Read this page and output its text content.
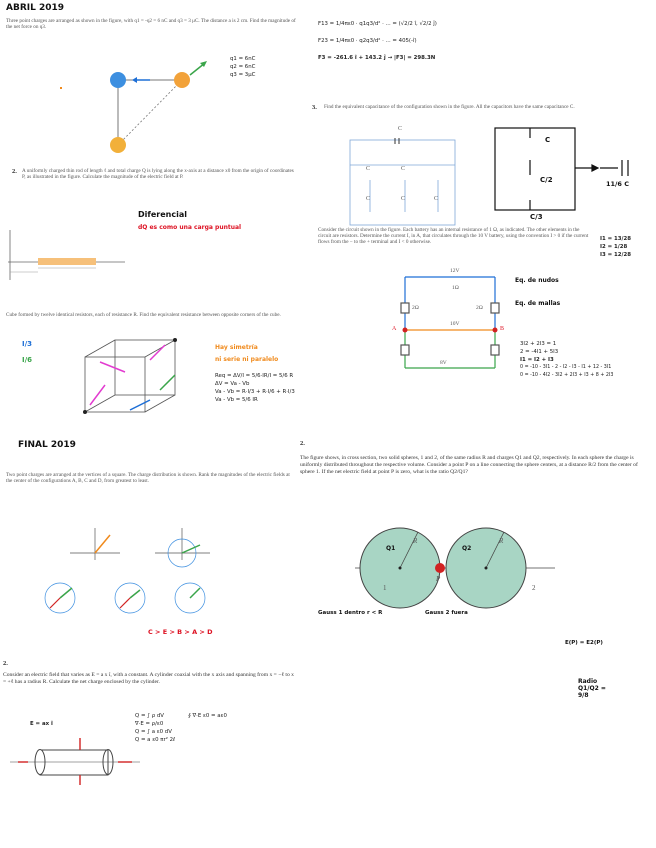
ABRIL 2019
Three point charges are arranged as shown in the figure, with q1 = -q2 = 6 nC and q3 = 3 μC. The distance a is 2 cm. Find the magnitude of the net force on q3.
q1 = 6nC
q2 = 6nC
q3 = 3μC
F13 = 1/4πε0 · q1q3/d² · ... = (√2/2 î, √2/2 ĵ)
F23 = 1/4πε0 · q2q3/d² · ... = 405(-î)
F3 = -261.6 î + 143.2 ĵ → |F3| = 298.3N
2. A uniformly charged thin rod of length ℓ and total charge Q is lying along the x-axis at a distance x0 from the origin of coordinates P, as illustrated in the figure. Calculate the magnitude of the electric field at P.
Diferencial
dQ es como una carga puntual
Cube formed by twelve identical resistors, each of resistance R. Find the equivalent resistance between opposite corners of the cube.
I/3
I/6
Hay simetría
ni serie ni paralelo
Req = ΔV/I = 5/6·IR/I = 5/6 R
ΔV = Va - Vb
Va - Vb = R·I/3 + R·I/6 + R·I/3
Va - Vb = 5/6 IR
FINAL 2019
Two point charges are arranged at the vertices of a square. The charge distribution is shown. Rank the magnitudes of the electric fields at the center of the configurations A, B, C and D, from greatest to least.
C > E > B > A > D
2.
Consider an electric field that varies as E = a x î, with a constant. A cylinder coaxial with the x axis and spanning from x = −ℓ to x = +ℓ has a radius R. Calculate the net charge enclosed by the cylinder.
Q = ∫ ρ dV
∇·E = ρ/ε0
Q = ∫ a ε0 dV
Q = a ε0 πr² 2ℓ
∮ ∇·E ε0 = aε0
E = ax î
3. Find the equivalent capacitance of the configuration shown in the figure. All the capacitors have the same capacitance C.
C
C	C
C	C	C
C
C/2
C/3
11/6 C
Consider the circuit shown in the figure. Each battery has an internal resistance of 1 Ω, as indicated. The other elements in the circuit are resistors. Determine the current I, in A, that circulates through the 10 V battery, using the convention I > 0 if the current flows from the − to the + terminal and I < 0 otherwise.
I1 = 13/28
I2 = 1/28
I3 = 12/28
Eq. de nudos
Eq. de mallas
12V
10V
8V
2Ω	2Ω
1Ω
A	B
3I2 + 2I3 = 1
2 = -4I1 + 5I3
I1 = I2 + I3
0 = -10 - 3I1 - 2 - I2 - I3 - I1 + 12 - 3I1
0 = -10 - 4I2 - 3I2 + 2I3 + I3 + 8 + 2I3
2.
The figure shows, in cross section, two solid spheres, 1 and 2, of the same radius R and charges Q1 and Q2, respectively. In each sphere the charge is uniformly distributed throughout the respective volume. Consider a point P on a line connecting the sphere centers, at a distance R/2 from the center of sphere 1. If the net electric field at point P is zero, what is the ratio Q2/Q1?
R	R
Q1	Q2
P
1	2
Gauss 1 dentro r < R	Gauss 2 fuera
E(P) = E2(P)
Radio Q1/Q2 = 9/8
